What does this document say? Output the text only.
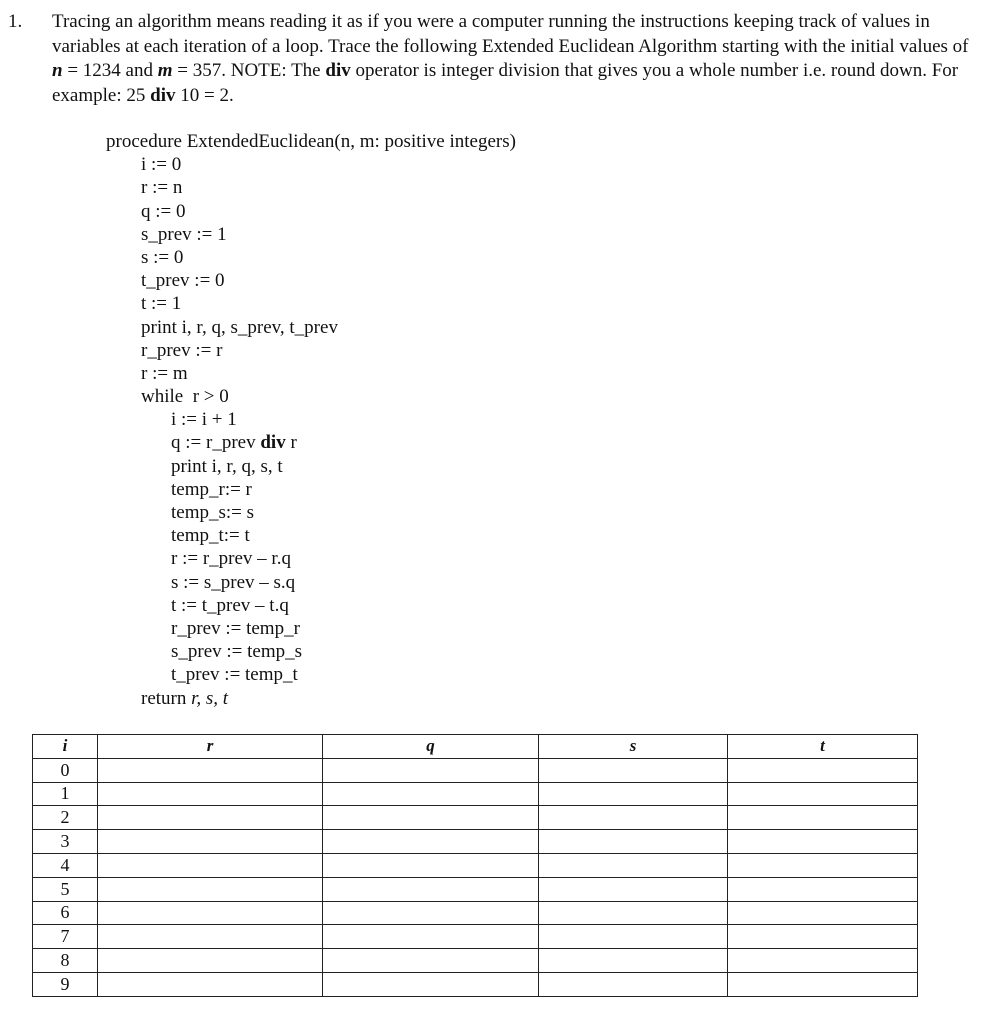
1. Tracing an algorithm means reading it as if you were a computer running the instructions keeping track of values in variables at each iteration of a loop. Trace the following Extended Euclidean Algorithm starting with the initial values of n = 1234 and m = 357. NOTE: The div operator is integer division that gives you a whole number i.e. round down. For example: 25 div 10 = 2.
procedure ExtendedEuclidean(n, m: positive integers)
i := 0
r := n
q := 0
s_prev := 1
s := 0
t_prev := 0
t := 1
print i, r, q, s_prev, t_prev
r_prev := r
r := m
while  r > 0
i := i + 1
q := r_prev div r
print i, r, q, s, t
temp_r:= r
temp_s:= s
temp_t:= t
r := r_prev – r.q
s := s_prev – s.q
t := t_prev – t.q
r_prev := temp_r
s_prev := temp_s
t_prev := temp_t
return r, s, t
i	r	q	s	t
0				
1				
2				
3				
4				
5				
6				
7				
8				
9				
